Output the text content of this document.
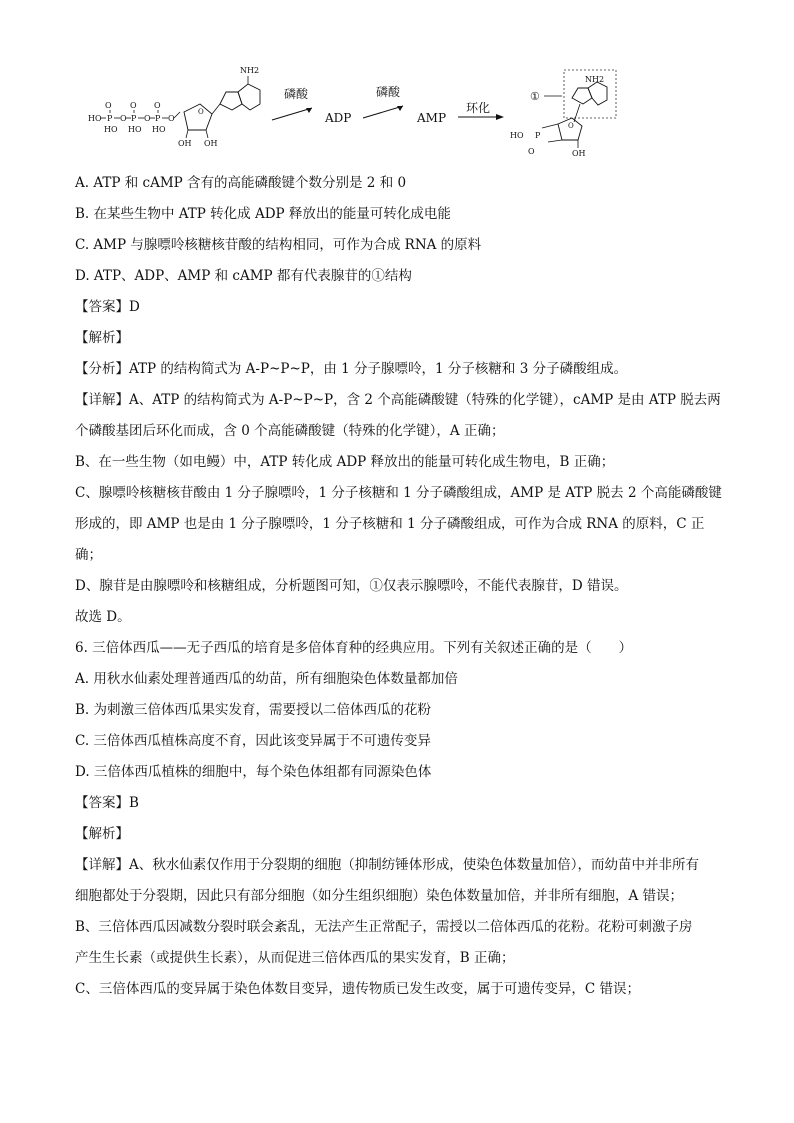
HO P
O
HO
O P
O
HO
O P
O
HO
O
O
OH OH
NH2
磷酸
ADP
磷酸
AMP
环化
①
NH2
O
OH
P
HO
O
A. ATP 和 cAMP 含有的高能磷酸键个数分别是 2 和 0
B. 在某些生物中 ATP 转化成 ADP 释放出的能量可转化成电能
C. AMP 与腺嘌呤核糖核苷酸的结构相同，可作为合成 RNA 的原料
D. ATP、ADP、AMP 和 cAMP 都有代表腺苷的①结构
【答案】D
【解析】
【分析】ATP 的结构简式为 A-P~P~P，由 1 分子腺嘌呤，1 分子核糖和 3 分子磷酸组成。
【详解】A、ATP 的结构简式为 A-P~P~P，含 2 个高能磷酸键（特殊的化学键），cAMP 是由 ATP 脱去两
个磷酸基团后环化而成，含 0 个高能磷酸键（特殊的化学键），A 正确；
B、在一些生物（如电鳗）中，ATP 转化成 ADP 释放出的能量可转化成生物电，B 正确；
C、腺嘌呤核糖核苷酸由 1 分子腺嘌呤，1 分子核糖和 1 分子磷酸组成，AMP 是 ATP 脱去 2 个高能磷酸键
形成的，即 AMP 也是由 1 分子腺嘌呤，1 分子核糖和 1 分子磷酸组成，可作为合成 RNA 的原料，C 正
确；
D、腺苷是由腺嘌呤和核糖组成，分析题图可知，①仅表示腺嘌呤，不能代表腺苷，D 错误。
故选 D。
6. 三倍体西瓜——无子西瓜的培育是多倍体育种的经典应用。下列有关叙述正确的是（　　）
A. 用秋水仙素处理普通西瓜的幼苗，所有细胞染色体数量都加倍
B. 为刺激三倍体西瓜果实发育，需要授以二倍体西瓜的花粉
C. 三倍体西瓜植株高度不育，因此该变异属于不可遗传变异
D. 三倍体西瓜植株的细胞中，每个染色体组都有同源染色体
【答案】B
【解析】
【详解】A、秋水仙素仅作用于分裂期的细胞（抑制纺锤体形成，使染色体数量加倍），而幼苗中并非所有
细胞都处于分裂期，因此只有部分细胞（如分生组织细胞）染色体数量加倍，并非所有细胞，A 错误；
B、三倍体西瓜因减数分裂时联会紊乱，无法产生正常配子，需授以二倍体西瓜的花粉。花粉可刺激子房
产生生长素（或提供生长素），从而促进三倍体西瓜的果实发育，B 正确；
C、三倍体西瓜的变异属于染色体数目变异，遗传物质已发生改变，属于可遗传变异，C 错误；
